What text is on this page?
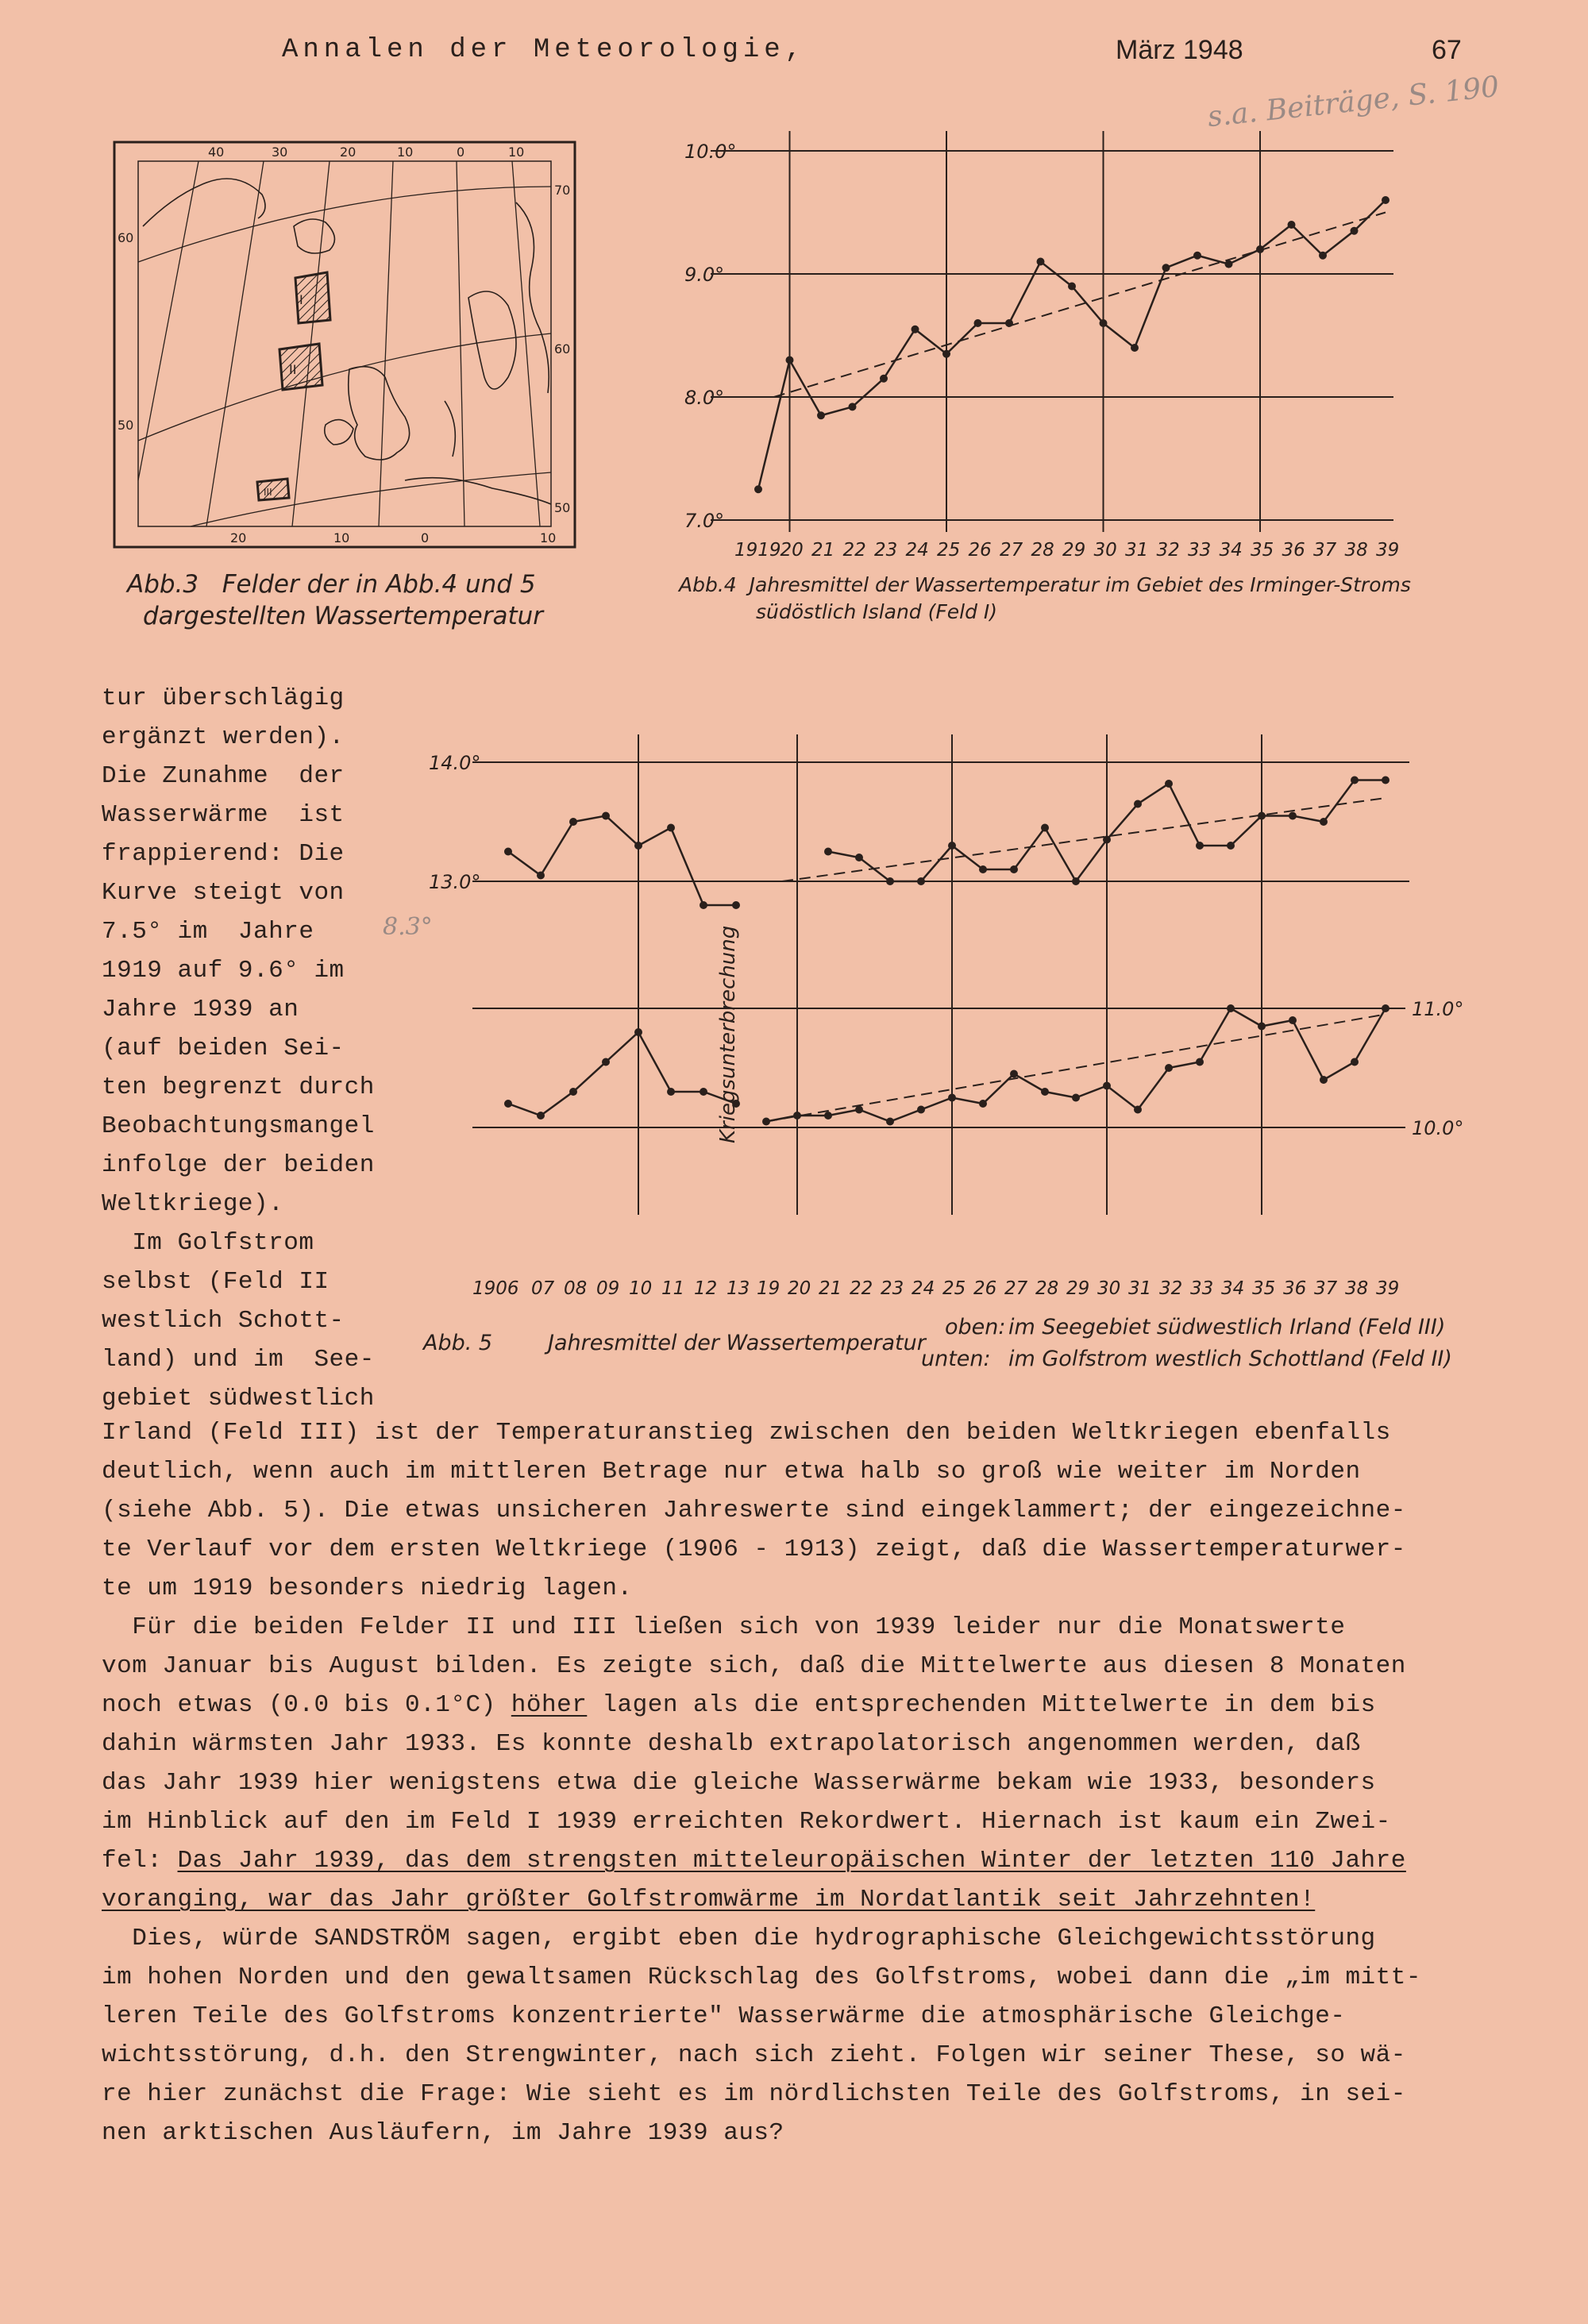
Annalen der Meteorologie,	März 1948	67
s.a. Beiträge, S. 190
I
II
III
40	30	20	10	0	10
20	10	0	10
60
50
70
60
50
Abb.3   Felder der in Abb.4 und 5
dargestellten Wassertemperatur
10.0°
9.0°
8.0°
7.0°
1919
20 21 22 23 24 25 26 27 28 29 30 31 32 33 34 35 36 37 38 39
Abb.4  Jahresmittel der Wassertemperatur im Gebiet des Irminger-Stroms
südöstlich Island (Feld I)
14.0°
13.0°
11.0°
10.0°
1906 07 08 09 10 11 12 13 19 20 21 22 23 24 25 26 27 28 29 30 31 32 33 34 35 36 37 38 39
Kriegsunterbrechung
8.3°
Abb. 5	Jahresmittel der Wassertemperatur
oben: im Seegebiet südwestlich Irland (Feld III)
unten: im Golfstrom westlich Schottland (Feld II)
tur überschlägig
ergänzt werden).
Die Zunahme  der
Wasserwärme  ist
frappierend: Die
Kurve steigt von
7.5° im  Jahre
1919 auf 9.6° im
Jahre 1939 an
(auf beiden Sei-
ten begrenzt durch
Beobachtungsmangel
infolge der beiden
Weltkriege).
Im Golfstrom
selbst (Feld II
westlich Schott-
land) und im  See-
gebiet südwestlich
Irland (Feld III) ist der Temperaturanstieg zwischen den beiden Weltkriegen ebenfalls
deutlich, wenn auch im mittleren Betrage nur etwa halb so groß wie weiter im Norden
(siehe Abb. 5). Die etwas unsicheren Jahreswerte sind eingeklammert; der eingezeichne-
te Verlauf vor dem ersten Weltkriege (1906 - 1913) zeigt, daß die Wassertemperaturwer-
te um 1919 besonders niedrig lagen.
Für die beiden Felder II und III ließen sich von 1939 leider nur die Monatswerte
vom Januar bis August bilden. Es zeigte sich, daß die Mittelwerte aus diesen 8 Monaten
noch etwas (0.0 bis 0.1°C) höher lagen als die entsprechenden Mittelwerte in dem bis
dahin wärmsten Jahr 1933. Es konnte deshalb extrapolatorisch angenommen werden, daß
das Jahr 1939 hier wenigstens etwa die gleiche Wasserwärme bekam wie 1933, besonders
im Hinblick auf den im Feld I 1939 erreichten Rekordwert. Hiernach ist kaum ein Zwei-
fel: Das Jahr 1939, das dem strengsten mitteleuropäischen Winter der letzten 110 Jahre
voranging, war das Jahr größter Golfstromwärme im Nordatlantik seit Jahrzehnten!
Dies, würde SANDSTRÖM sagen, ergibt eben die hydrographische Gleichgewichtsstörung
im hohen Norden und den gewaltsamen Rückschlag des Golfstroms, wobei dann die „im mitt-
leren Teile des Golfstroms konzentrierte" Wasserwärme die atmosphärische Gleichge-
wichtsstörung, d.h. den Strengwinter, nach sich zieht. Folgen wir seiner These, so wä-
re hier zunächst die Frage: Wie sieht es im nördlichsten Teile des Golfstroms, in sei-
nen arktischen Ausläufern, im Jahre 1939 aus?
